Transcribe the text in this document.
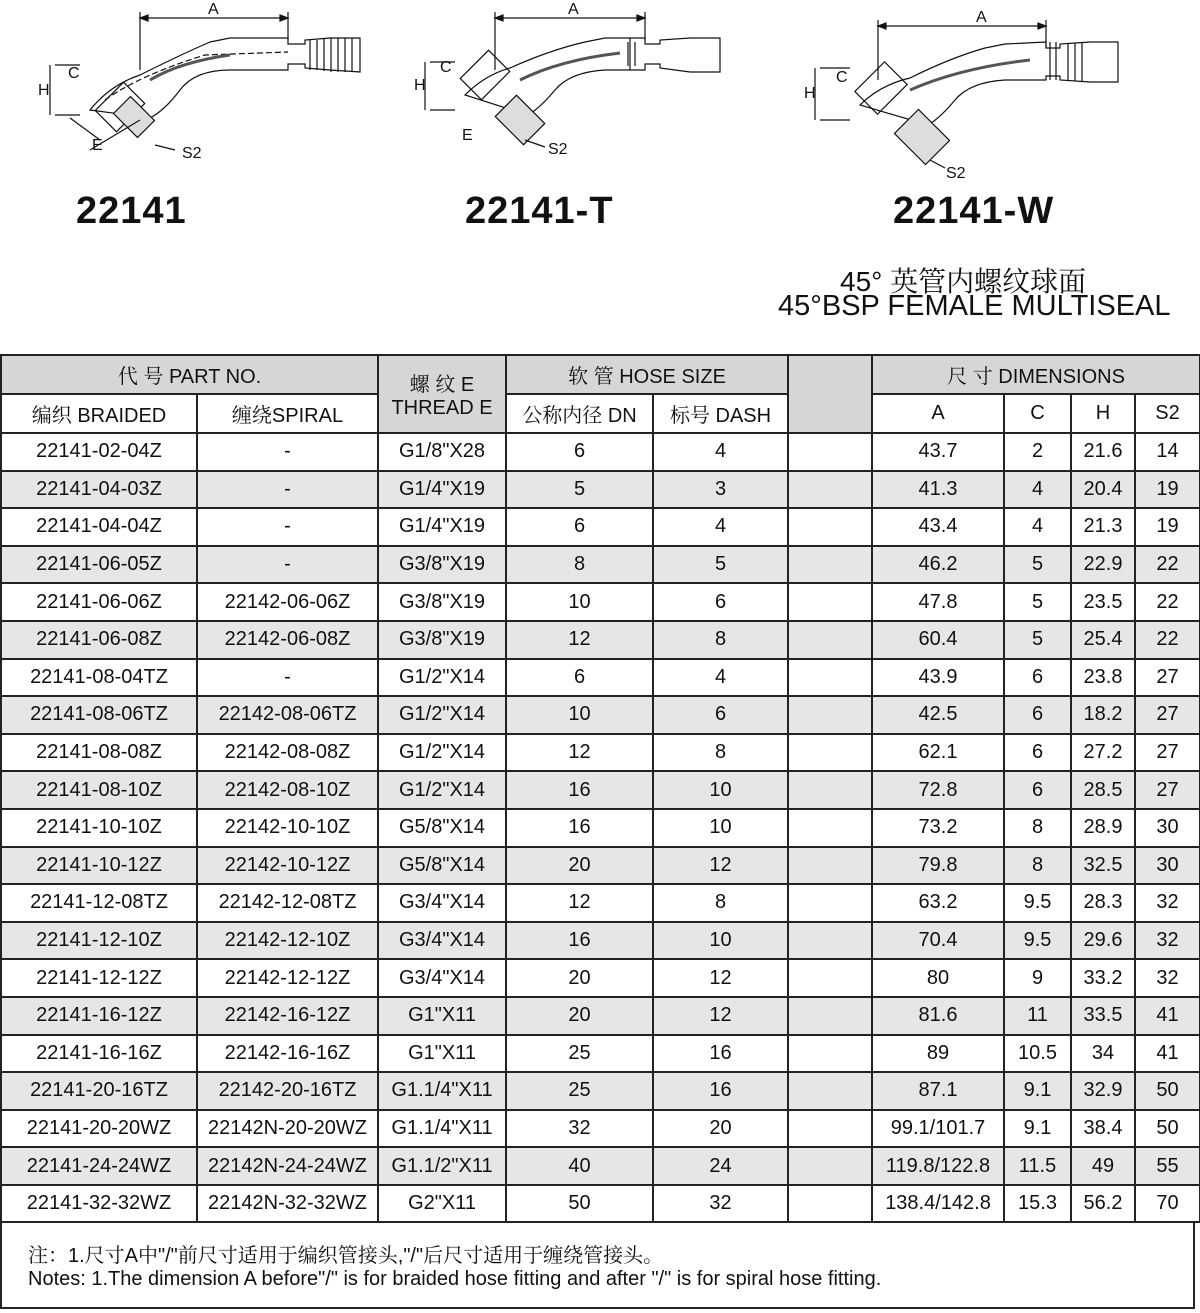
A
C
H
E	S2
22141
A
C
H
E
S2
22141-T
A
C
H
S2
22141-W
45° 英管内螺纹球面
45°BSP FEMALE MULTISEAL
代 号 PART NO.		螺 纹 E
THREAD E	软 管 HOSE SIZE			尺 寸 DIMENSIONS			
编织 BRAIDED	缠绕SPIRAL		公称内径 DN	标号 DASH		A	C	H	S2
22141-02-04Z	-	G1/8"X28	6	4		43.7	2	21.6	14
22141-04-03Z	-	G1/4"X19	5	3		41.3	4	20.4	19
22141-04-04Z	-	G1/4"X19	6	4		43.4	4	21.3	19
22141-06-05Z	-	G3/8"X19	8	5		46.2	5	22.9	22
22141-06-06Z	22142-06-06Z	G3/8"X19	10	6		47.8	5	23.5	22
22141-06-08Z	22142-06-08Z	G3/8"X19	12	8		60.4	5	25.4	22
22141-08-04TZ	-	G1/2"X14	6	4		43.9	6	23.8	27
22141-08-06TZ	22142-08-06TZ	G1/2"X14	10	6		42.5	6	18.2	27
22141-08-08Z	22142-08-08Z	G1/2"X14	12	8		62.1	6	27.2	27
22141-08-10Z	22142-08-10Z	G1/2"X14	16	10		72.8	6	28.5	27
22141-10-10Z	22142-10-10Z	G5/8"X14	16	10		73.2	8	28.9	30
22141-10-12Z	22142-10-12Z	G5/8"X14	20	12		79.8	8	32.5	30
22141-12-08TZ	22142-12-08TZ	G3/4"X14	12	8		63.2	9.5	28.3	32
22141-12-10Z	22142-12-10Z	G3/4"X14	16	10		70.4	9.5	29.6	32
22141-12-12Z	22142-12-12Z	G3/4"X14	20	12		80	9	33.2	32
22141-16-12Z	22142-16-12Z	G1"X11	20	12		81.6	11	33.5	41
22141-16-16Z	22142-16-16Z	G1"X11	25	16		89	10.5	34	41
22141-20-16TZ	22142-20-16TZ	G1.1/4"X11	25	16		87.1	9.1	32.9	50
22141-20-20WZ	22142N-20-20WZ	G1.1/4"X11	32	20		99.1/101.7	9.1	38.4	50
22141-24-24WZ	22142N-24-24WZ	G1.1/2"X11	40	24		119.8/122.8	11.5	49	55
22141-32-32WZ	22142N-32-32WZ	G2"X11	50	32		138.4/142.8	15.3	56.2	70
注：1.尺寸A中"/"前尺寸适用于编织管接头,"/"后尺寸适用于缠绕管接头。
Notes: 1.The dimension A before"/" is for braided hose fitting and after "/" is for spiral hose fitting.
